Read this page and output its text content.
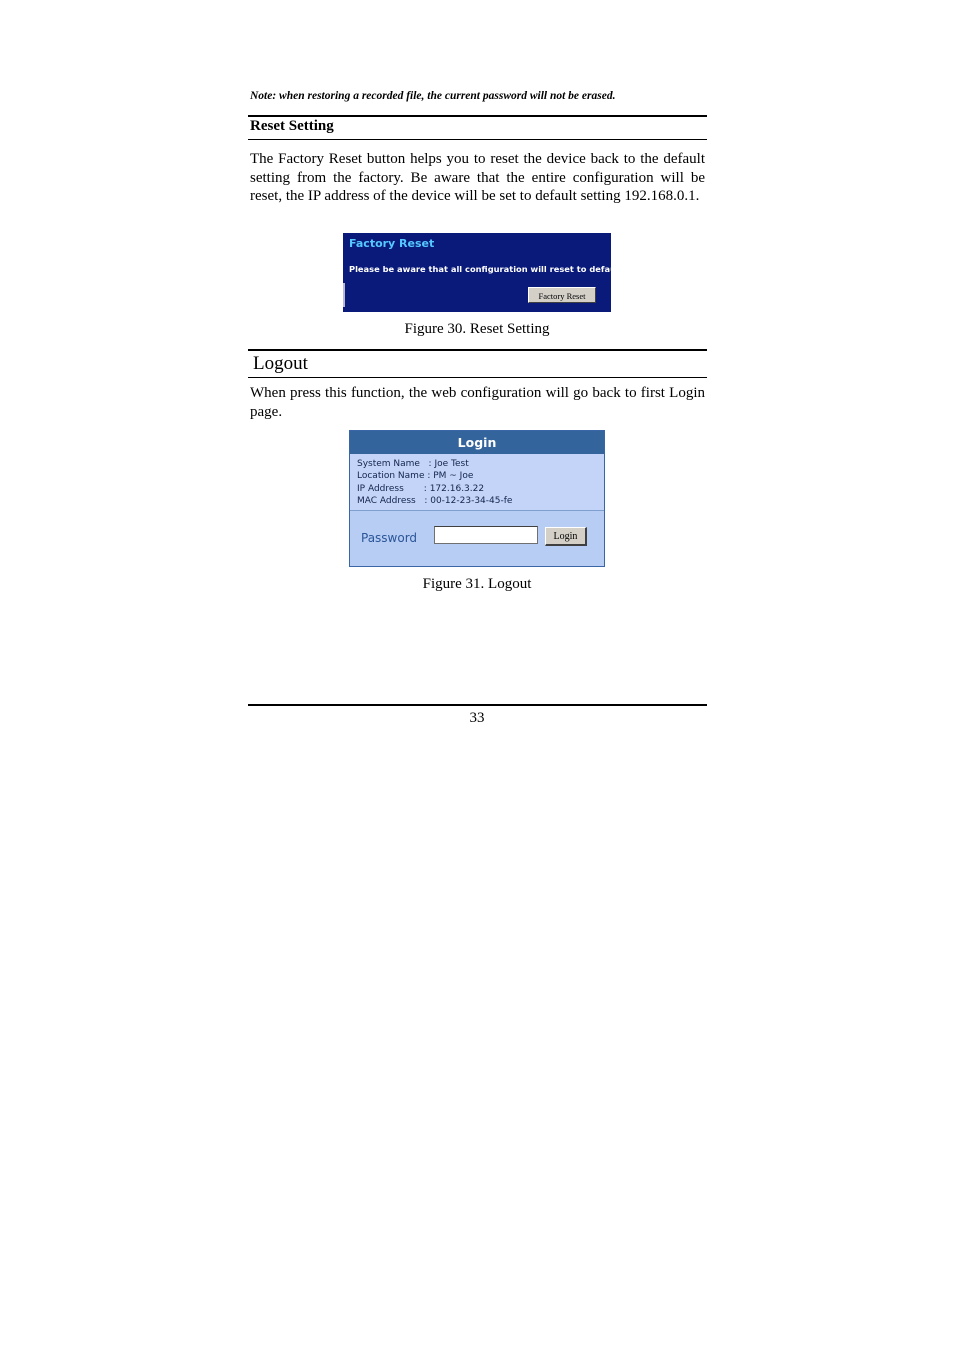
Note: when restoring a recorded file, the current password will not be erased.
Reset Setting
The Factory Reset button helps you to reset the device back to the default setting from the factory. Be aware that the entire configuration will be reset, the IP address of the device will be set to default setting 192.168.0.1.
Factory Reset
Please be aware that all configuration will reset to default value.
Factory Reset
Figure 30. Reset Setting
Logout
When press this function, the web configuration will go back to first Login page.
Login
System Name   : Joe Test
Location Name : PM ~ Joe
IP Address       : 172.16.3.22
MAC Address   : 00-12-23-34-45-fe
Password	Login
Figure 31. Logout
33
